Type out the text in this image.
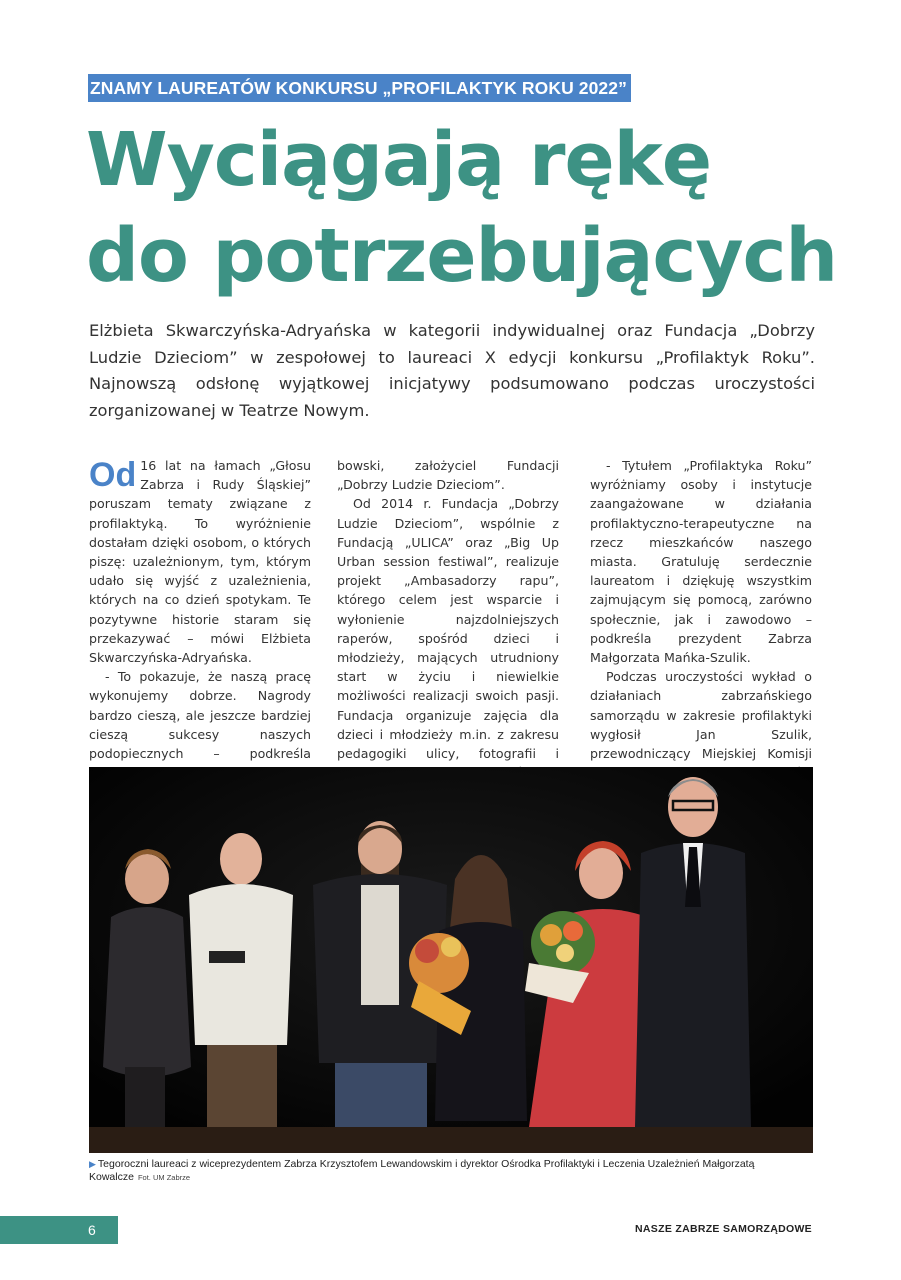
ZNAMY LAUREATÓW KONKURSU „PROFILAKTYK ROKU 2022”
Wyciągają rękę
do potrzebujących

Elżbieta Skwarczyńska-Adryańska w kategorii indywidualnej oraz Fundacja „Dobrzy Ludzie Dzieciom” w zespołowej to laureaci X edycji konkursu „Profilaktyk Roku”. Najnowszą odsłonę wyjątkowej inicjatywy podsumowano podczas uroczystości zorganizowanej w Teatrze Nowym.

Od 16 lat na łamach „Głosu Zabrza i Rudy Śląskiej” poruszam tematy związane z profilaktyką. To wyróżnienie dostałam dzięki osobom, o których piszę: uzależnionym, tym, którym udało się wyjść z uzależnienia, których na co dzień spotykam. Te pozytywne historie staram się przekazywać – mówi Elżbieta Skwarczyńska-Adryańska.

- To pokazuje, że naszą pracę wykonujemy dobrze. Nagrody bardzo cieszą, ale jeszcze bardziej cieszą sukcesy naszych podopiecznych – podkreśla

bowski, założyciel Fundacji „Dobrzy Ludzie Dzieciom”.

Od 2014 r. Fundacja „Dobrzy Ludzie Dzieciom”, wspólnie z Fundacją „ULICA” oraz „Big Up Urban session festiwal”, realizuje projekt „Ambasadorzy rapu”, którego celem jest wsparcie i wyłonienie najzdolniejszych raperów, spośród dzieci i młodzieży, mających utrudniony start w życiu i niewielkie możliwości realizacji swoich pasji. Fundacja organizuje zajęcia dla dzieci i młodzieży m.in. z zakresu pedagogiki ulicy, fotografii i

- Tytułem „Profilaktyka Roku” wyróżniamy osoby i instytucje zaangażowane w działania profilaktyczno-terapeutyczne na rzecz mieszkańców naszego miasta. Gratuluję serdecznie laureatom i dziękuję wszystkim zajmującym się pomocą, zarówno społecznie, jak i zawodowo – podkreśla prezydent Zabrza Małgorzata Mańka-Szulik.

Podczas uroczystości wykład o działaniach zabrzańskiego samorządu w zakresie profilaktyki wygłosił Jan Szulik, przewodniczący Miejskiej Komisji

▶ Tegoroczni laureaci z wiceprezydentem Zabrza Krzysztofem Lewandowskim i dyrektor Ośrodka Profilaktyki i Leczenia Uzależnień Małgorzatą Kowalcze Fot. UM Zabrze
6	NASZE ZABRZE SAMORZĄDOWE
